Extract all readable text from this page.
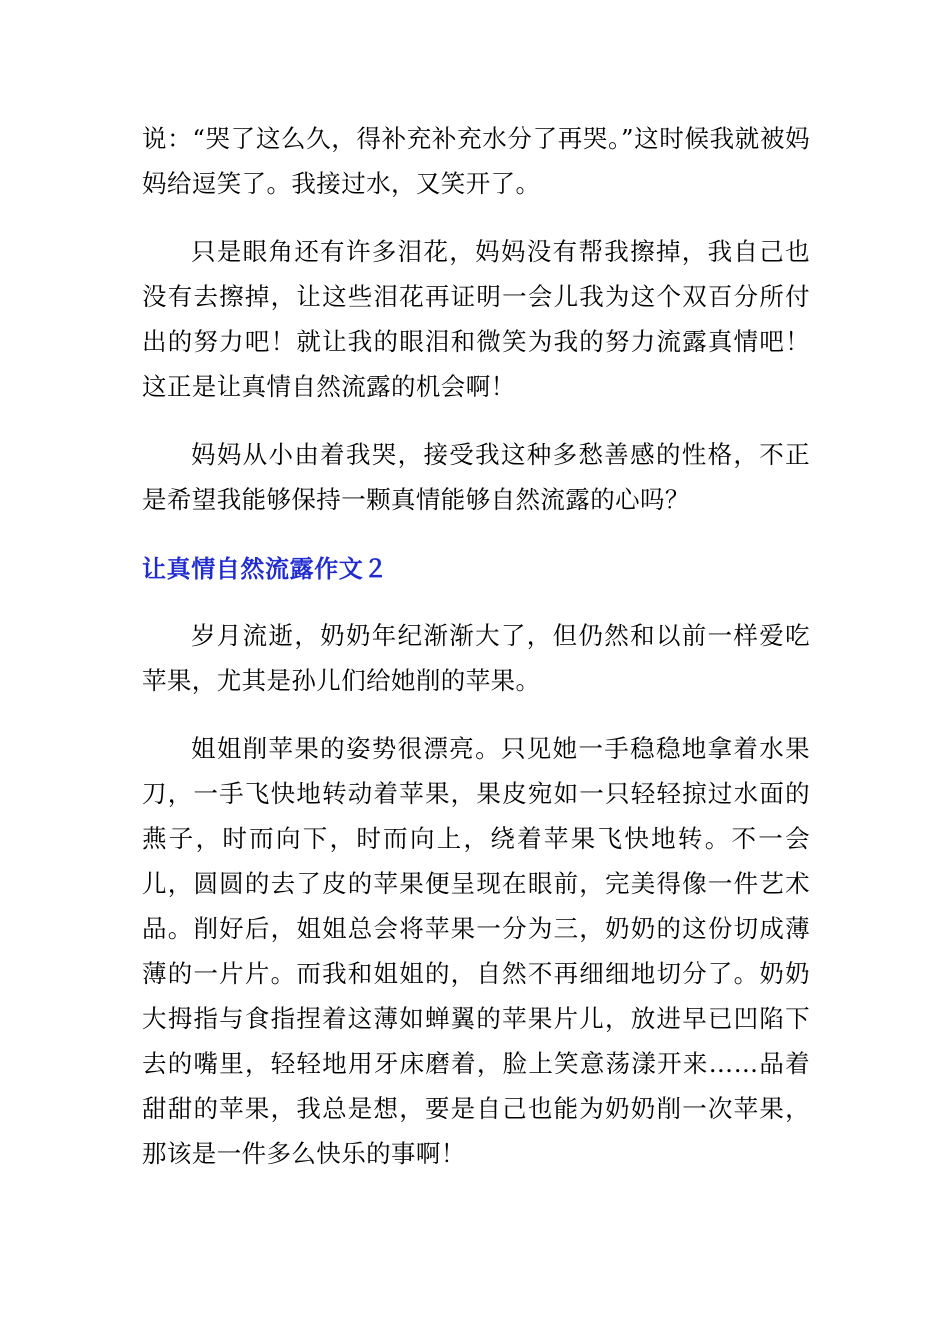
说：“哭了这么久，得补充补充水分了再哭。”这时候我就被妈妈给逗笑了。我接过水，又笑开了。

只是眼角还有许多泪花，妈妈没有帮我擦掉，我自己也没有去擦掉，让这些泪花再证明一会儿我为这个双百分所付出的努力吧！就让我的眼泪和微笑为我的努力流露真情吧！这正是让真情自然流露的机会啊！

妈妈从小由着我哭，接受我这种多愁善感的性格，不正是希望我能够保持一颗真情能够自然流露的心吗？

让真情自然流露作文２

岁月流逝，奶奶年纪渐渐大了，但仍然和以前一样爱吃苹果，尤其是孙儿们给她削的苹果。

姐姐削苹果的姿势很漂亮。只见她一手稳稳地拿着水果刀，一手飞快地转动着苹果，果皮宛如一只轻轻掠过水面的燕子，时而向下，时而向上，绕着苹果飞快地转。不一会儿，圆圆的去了皮的苹果便呈现在眼前，完美得像一件艺术品。削好后，姐姐总会将苹果一分为三，奶奶的这份切成薄薄的一片片。而我和姐姐的，自然不再细细地切分了。奶奶大拇指与食指捏着这薄如蝉翼的苹果片儿，放进早已凹陷下去的嘴里，轻轻地用牙床磨着，脸上笑意荡漾开来……品着甜甜的苹果，我总是想，要是自己也能为奶奶削一次苹果，那该是一件多么快乐的事啊！
